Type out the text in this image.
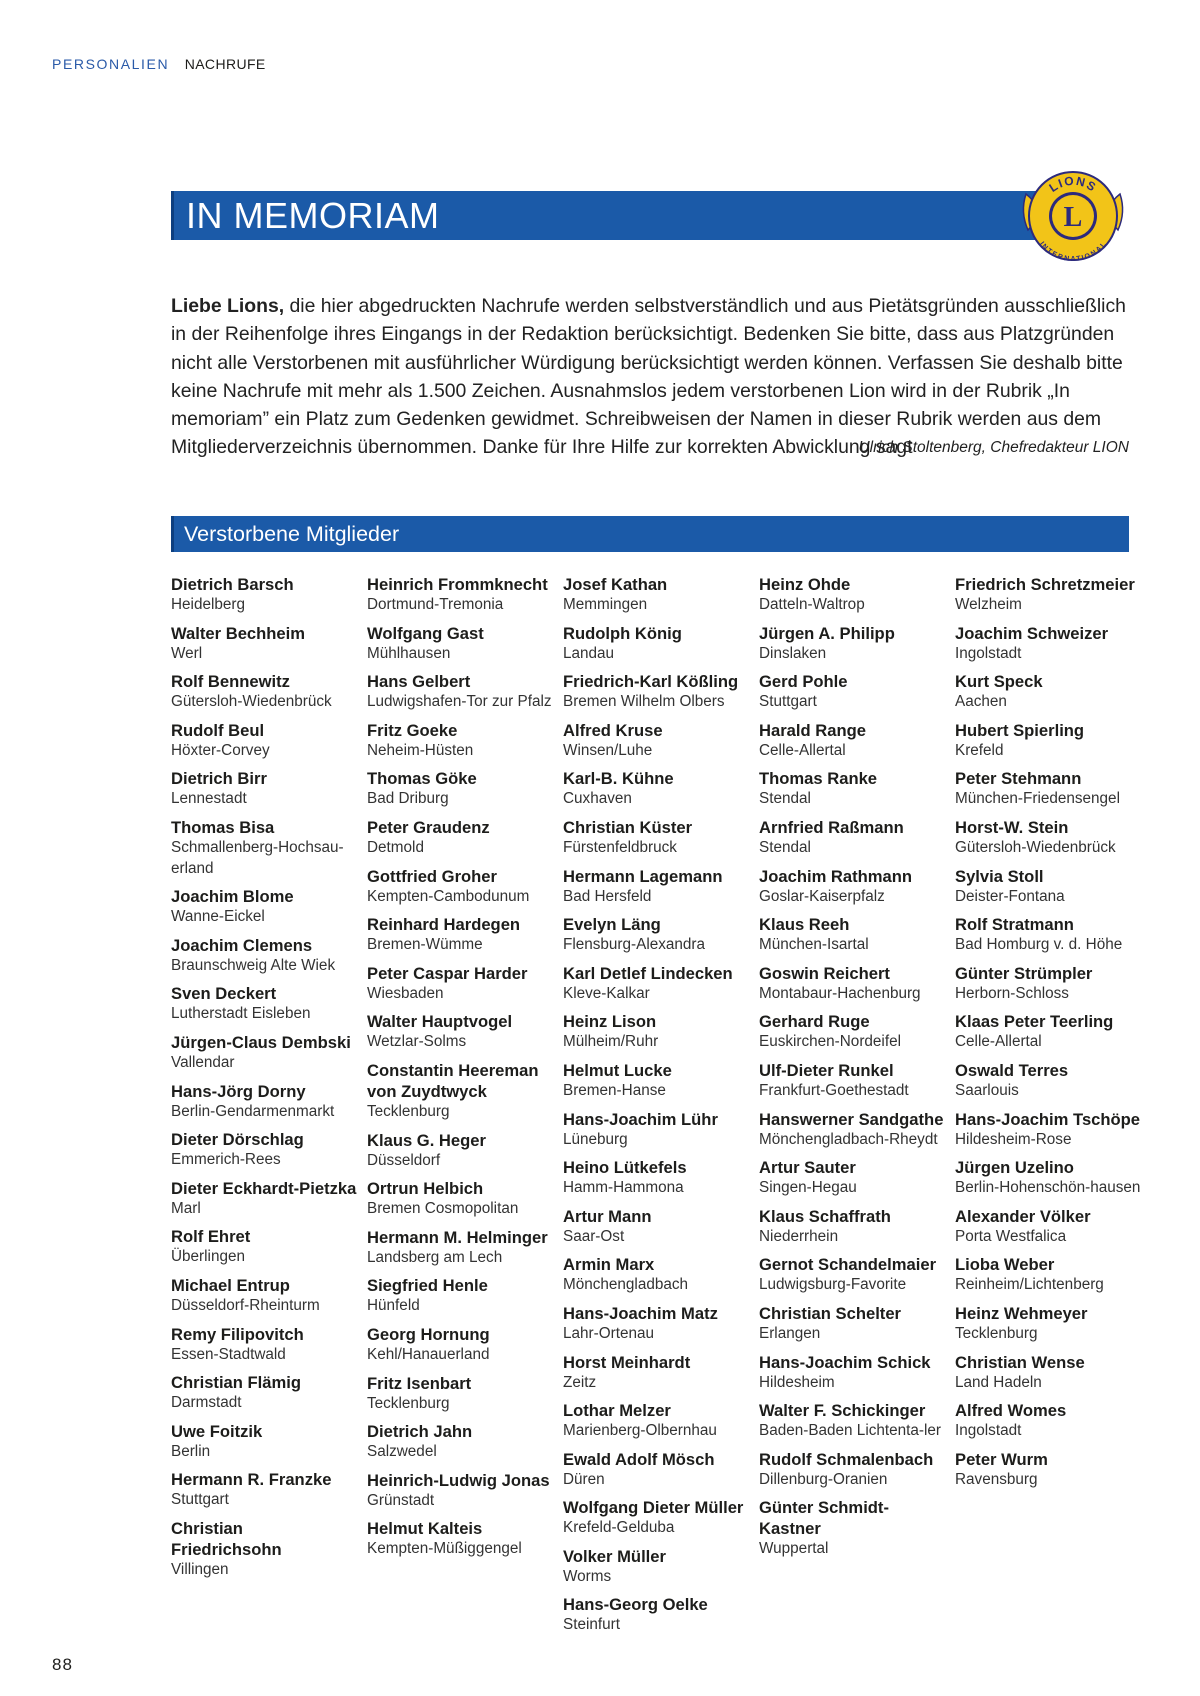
PERSONALIEN NACHRUFE
IN MEMORIAM	L
LIONS
INTERNATIONAL

Liebe Lions, die hier abgedruckten Nachrufe werden selbstverständlich und aus Pietätsgründen ausschließlich in der Reihenfolge ihres Eingangs in der Redaktion berücksichtigt. Bedenken Sie bitte, dass aus Platzgründen nicht alle Verstorbenen mit ausführlicher Würdigung berücksichtigt werden können. Verfassen Sie deshalb bitte keine Nachrufe mit mehr als 1.500 Zeichen. Ausnahmslos jedem verstorbenen Lion wird in der Rubrik „In memoriam” ein Platz zum Gedenken gewidmet. Schreibweisen der Namen in dieser Rubrik werden aus dem Mitgliederverzeichnis übernommen. Danke für Ihre Hilfe zur korrekten Abwicklung sagt

Ulrich Stoltenberg, Chefredakteur LION
Verstorbene Mitglieder
Dietrich Barsch
Heidelberg
Walter Bechheim
Werl
Rolf Bennewitz
Gütersloh-Wiedenbrück
Rudolf Beul
Höxter-Corvey
Dietrich Birr
Lennestadt
Thomas Bisa
Schmallenberg-Hochsau-erland
Joachim Blome
Wanne-Eickel
Joachim Clemens
Braunschweig Alte Wiek
Sven Deckert
Lutherstadt Eisleben
Jürgen-Claus Dembski
Vallendar
Hans-Jörg Dorny
Berlin-Gendarmenmarkt
Dieter Dörschlag
Emmerich-Rees
Dieter Eckhardt-Pietzka
Marl
Rolf Ehret
Überlingen
Michael Entrup
Düsseldorf-Rheinturm
Remy Filipovitch
Essen-Stadtwald
Christian Flämig
Darmstadt
Uwe Foitzik
Berlin
Hermann R. Franzke
Stuttgart
Christian Friedrichsohn
Villingen
Heinrich Frommknecht
Dortmund-Tremonia
Wolfgang Gast
Mühlhausen
Hans Gelbert
Ludwigshafen-Tor zur Pfalz
Fritz Goeke
Neheim-Hüsten
Thomas Göke
Bad Driburg
Peter Graudenz
Detmold
Gottfried Groher
Kempten-Cambodunum
Reinhard Hardegen
Bremen-Wümme
Peter Caspar Harder
Wiesbaden
Walter Hauptvogel
Wetzlar-Solms
Constantin Heereman von Zuydtwyck
Tecklenburg
Klaus G. Heger
Düsseldorf
Ortrun Helbich
Bremen Cosmopolitan
Hermann M. Helminger
Landsberg am Lech
Siegfried Henle
Hünfeld
Georg Hornung
Kehl/Hanauerland
Fritz Isenbart
Tecklenburg
Dietrich Jahn
Salzwedel
Heinrich-Ludwig Jonas
Grünstadt
Helmut Kalteis
Kempten-Müßiggengel
Josef Kathan
Memmingen
Rudolph König
Landau
Friedrich-Karl Kößling
Bremen Wilhelm Olbers
Alfred Kruse
Winsen/Luhe
Karl-B. Kühne
Cuxhaven
Christian Küster
Fürstenfeldbruck
Hermann Lagemann
Bad Hersfeld
Evelyn Läng
Flensburg-Alexandra
Karl Detlef Lindecken
Kleve-Kalkar
Heinz Lison
Mülheim/Ruhr
Helmut Lucke
Bremen-Hanse
Hans-Joachim Lühr
Lüneburg
Heino Lütkefels
Hamm-Hammona
Artur Mann
Saar-Ost
Armin Marx
Mönchengladbach
Hans-Joachim Matz
Lahr-Ortenau
Horst Meinhardt
Zeitz
Lothar Melzer
Marienberg-Olbernhau
Ewald Adolf Mösch
Düren
Wolfgang Dieter Müller
Krefeld-Gelduba
Volker Müller
Worms
Hans-Georg Oelke
Steinfurt
Heinz Ohde
Datteln-Waltrop
Jürgen A. Philipp
Dinslaken
Gerd Pohle
Stuttgart
Harald Range
Celle-Allertal
Thomas Ranke
Stendal
Arnfried Raßmann
Stendal
Joachim Rathmann
Goslar-Kaiserpfalz
Klaus Reeh
München-Isartal
Goswin Reichert
Montabaur-Hachenburg
Gerhard Ruge
Euskirchen-Nordeifel
Ulf-Dieter Runkel
Frankfurt-Goethestadt
Hanswerner Sandgathe
Mönchengladbach-Rheydt
Artur Sauter
Singen-Hegau
Klaus Schaffrath
Niederrhein
Gernot Schandelmaier
Ludwigsburg-Favorite
Christian Schelter
Erlangen
Hans-Joachim Schick
Hildesheim
Walter F. Schickinger
Baden-Baden Lichtenta-ler
Rudolf Schmalenbach
Dillenburg-Oranien
Günter Schmidt-Kastner
Wuppertal
Friedrich Schretzmeier
Welzheim
Joachim Schweizer
Ingolstadt
Kurt Speck
Aachen
Hubert Spierling
Krefeld
Peter Stehmann
München-Friedensengel
Horst-W. Stein
Gütersloh-Wiedenbrück
Sylvia Stoll
Deister-Fontana
Rolf Stratmann
Bad Homburg v. d. Höhe
Günter Strümpler
Herborn-Schloss
Klaas Peter Teerling
Celle-Allertal
Oswald Terres
Saarlouis
Hans-Joachim Tschöpe
Hildesheim-Rose
Jürgen Uzelino
Berlin-Hohenschön-hausen
Alexander Völker
Porta Westfalica
Lioba Weber
Reinheim/Lichtenberg
Heinz Wehmeyer
Tecklenburg
Christian Wense
Land Hadeln
Alfred Womes
Ingolstadt
Peter Wurm
Ravensburg
88
